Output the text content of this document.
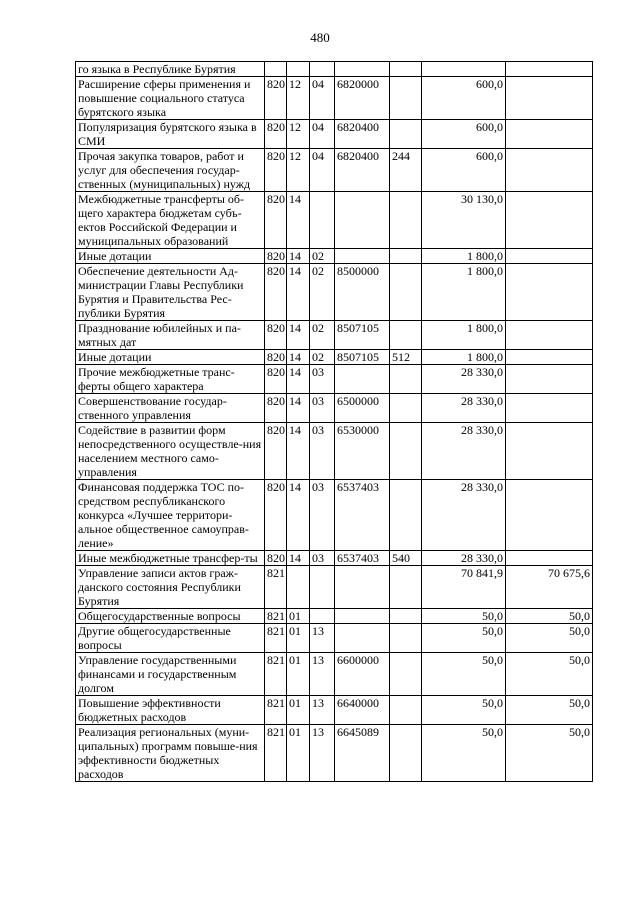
480
го языка в Республике Бурятия							
Расширение сферы применения и повышение социального статуса бурятского языка	820	12	04	6820000		600,0	
Популяризация бурятского языка в СМИ	820	12	04	6820400		600,0	
Прочая закупка товаров, работ и услуг для обеспечения государ-ственных (муниципальных) нужд	820	12	04	6820400	244	600,0	
Межбюджетные трансферты об-щего характера бюджетам субъ-ектов Российской Федерации и муниципальных образований	820	14				30 130,0	
Иные дотации	820	14	02			1 800,0	
Обеспечение деятельности Ад-министрации Главы Республики Бурятия и Правительства Рес-публики Бурятия	820	14	02	8500000		1 800,0	
Празднование юбилейных и па-мятных дат	820	14	02	8507105		1 800,0	
Иные дотации	820	14	02	8507105	512	1 800,0	
Прочие межбюджетные транс-ферты общего характера	820	14	03			28 330,0	
Совершенствование государ-ственного управления	820	14	03	6500000		28 330,0	
Содействие в развитии форм непосредственного осуществле-ния населением местного само-управления	820	14	03	6530000		28 330,0	
Финансовая поддержка ТОС по-средством республиканского конкурса «Лучшее территори-альное общественное самоуправ-ление»	820	14	03	6537403		28 330,0	
Иные межбюджетные трансфер-ты	820	14	03	6537403	540	28 330,0	
Управление записи актов граж-данского состояния Республики Бурятия	821					70 841,9	70 675,6
Общегосударственные вопросы	821	01				50,0	50,0
Другие общегосударственные вопросы	821	01	13			50,0	50,0
Управление государственными финансами и государственным долгом	821	01	13	6600000		50,0	50,0
Повышение эффективности бюджетных расходов	821	01	13	6640000		50,0	50,0
Реализация региональных (муни-ципальных) программ повыше-ния эффективности бюджетных расходов	821	01	13	6645089		50,0	50,0
